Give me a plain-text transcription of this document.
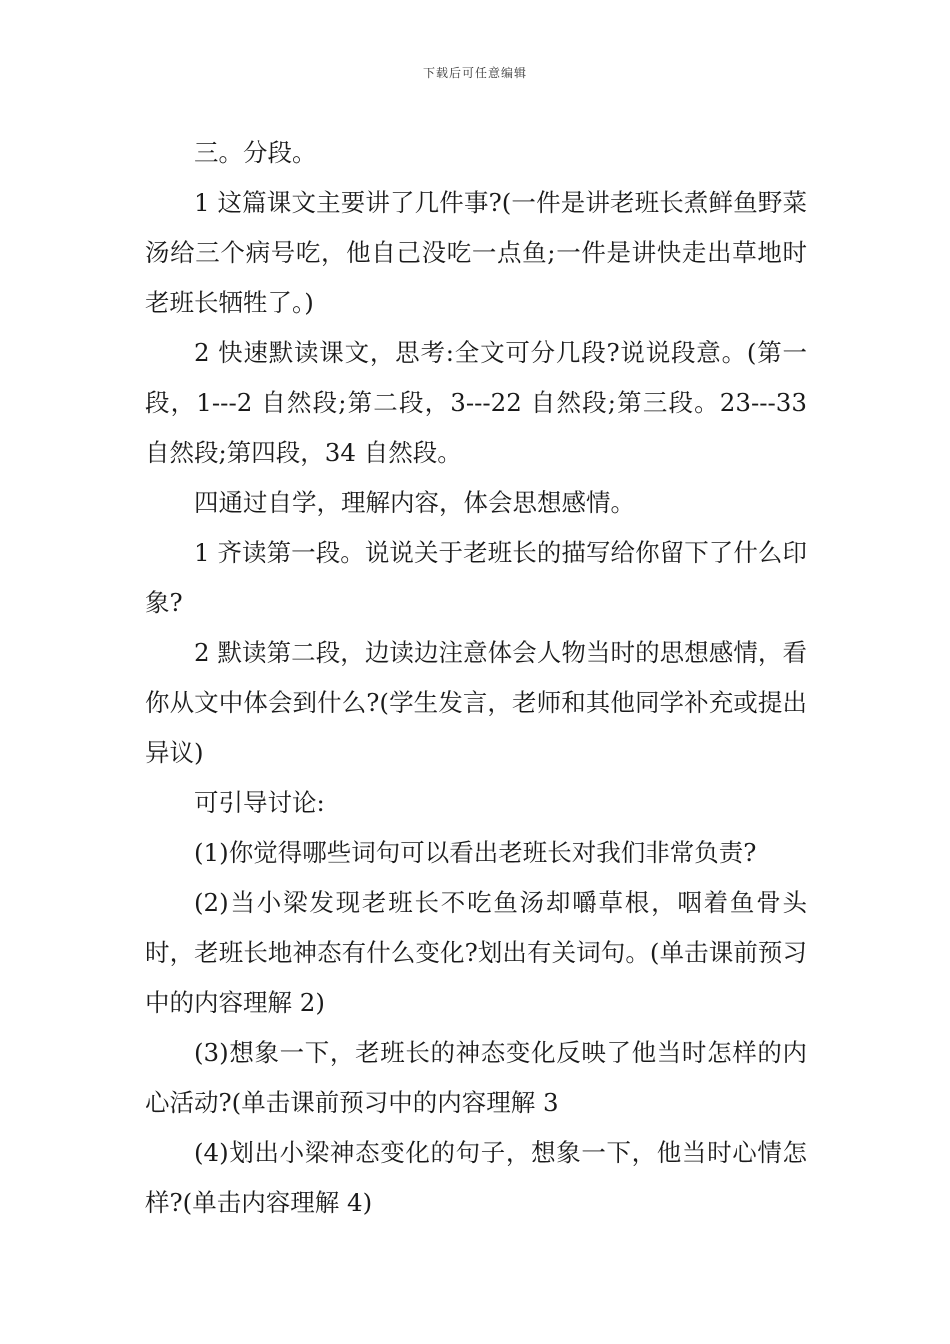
下载后可任意编辑

三。分段。

1 这篇课文主要讲了几件事?(一件是讲老班长煮鲜鱼野菜汤给三个病号吃，他自己没吃一点鱼;一件是讲快走出草地时老班长牺牲了。)

2 快速默读课文，思考:全文可分几段?说说段意。(第一段，1---2 自然段;第二段，3---22 自然段;第三段。23---33 自然段;第四段，34 自然段。

四通过自学，理解内容，体会思想感情。

1 齐读第一段。说说关于老班长的描写给你留下了什么印象?

2 默读第二段，边读边注意体会人物当时的思想感情，看你从文中体会到什么?(学生发言，老师和其他同学补充或提出异议)

可引导讨论:

(1)你觉得哪些词句可以看出老班长对我们非常负责?

(2)当小梁发现老班长不吃鱼汤却嚼草根，咽着鱼骨头时，老班长地神态有什么变化?划出有关词句。(单击课前预习中的内容理解 2)

(3)想象一下，老班长的神态变化反映了他当时怎样的内心活动?(单击课前预习中的内容理解 3

(4)划出小梁神态变化的句子，想象一下，他当时心情怎样?(单击内容理解 4)
